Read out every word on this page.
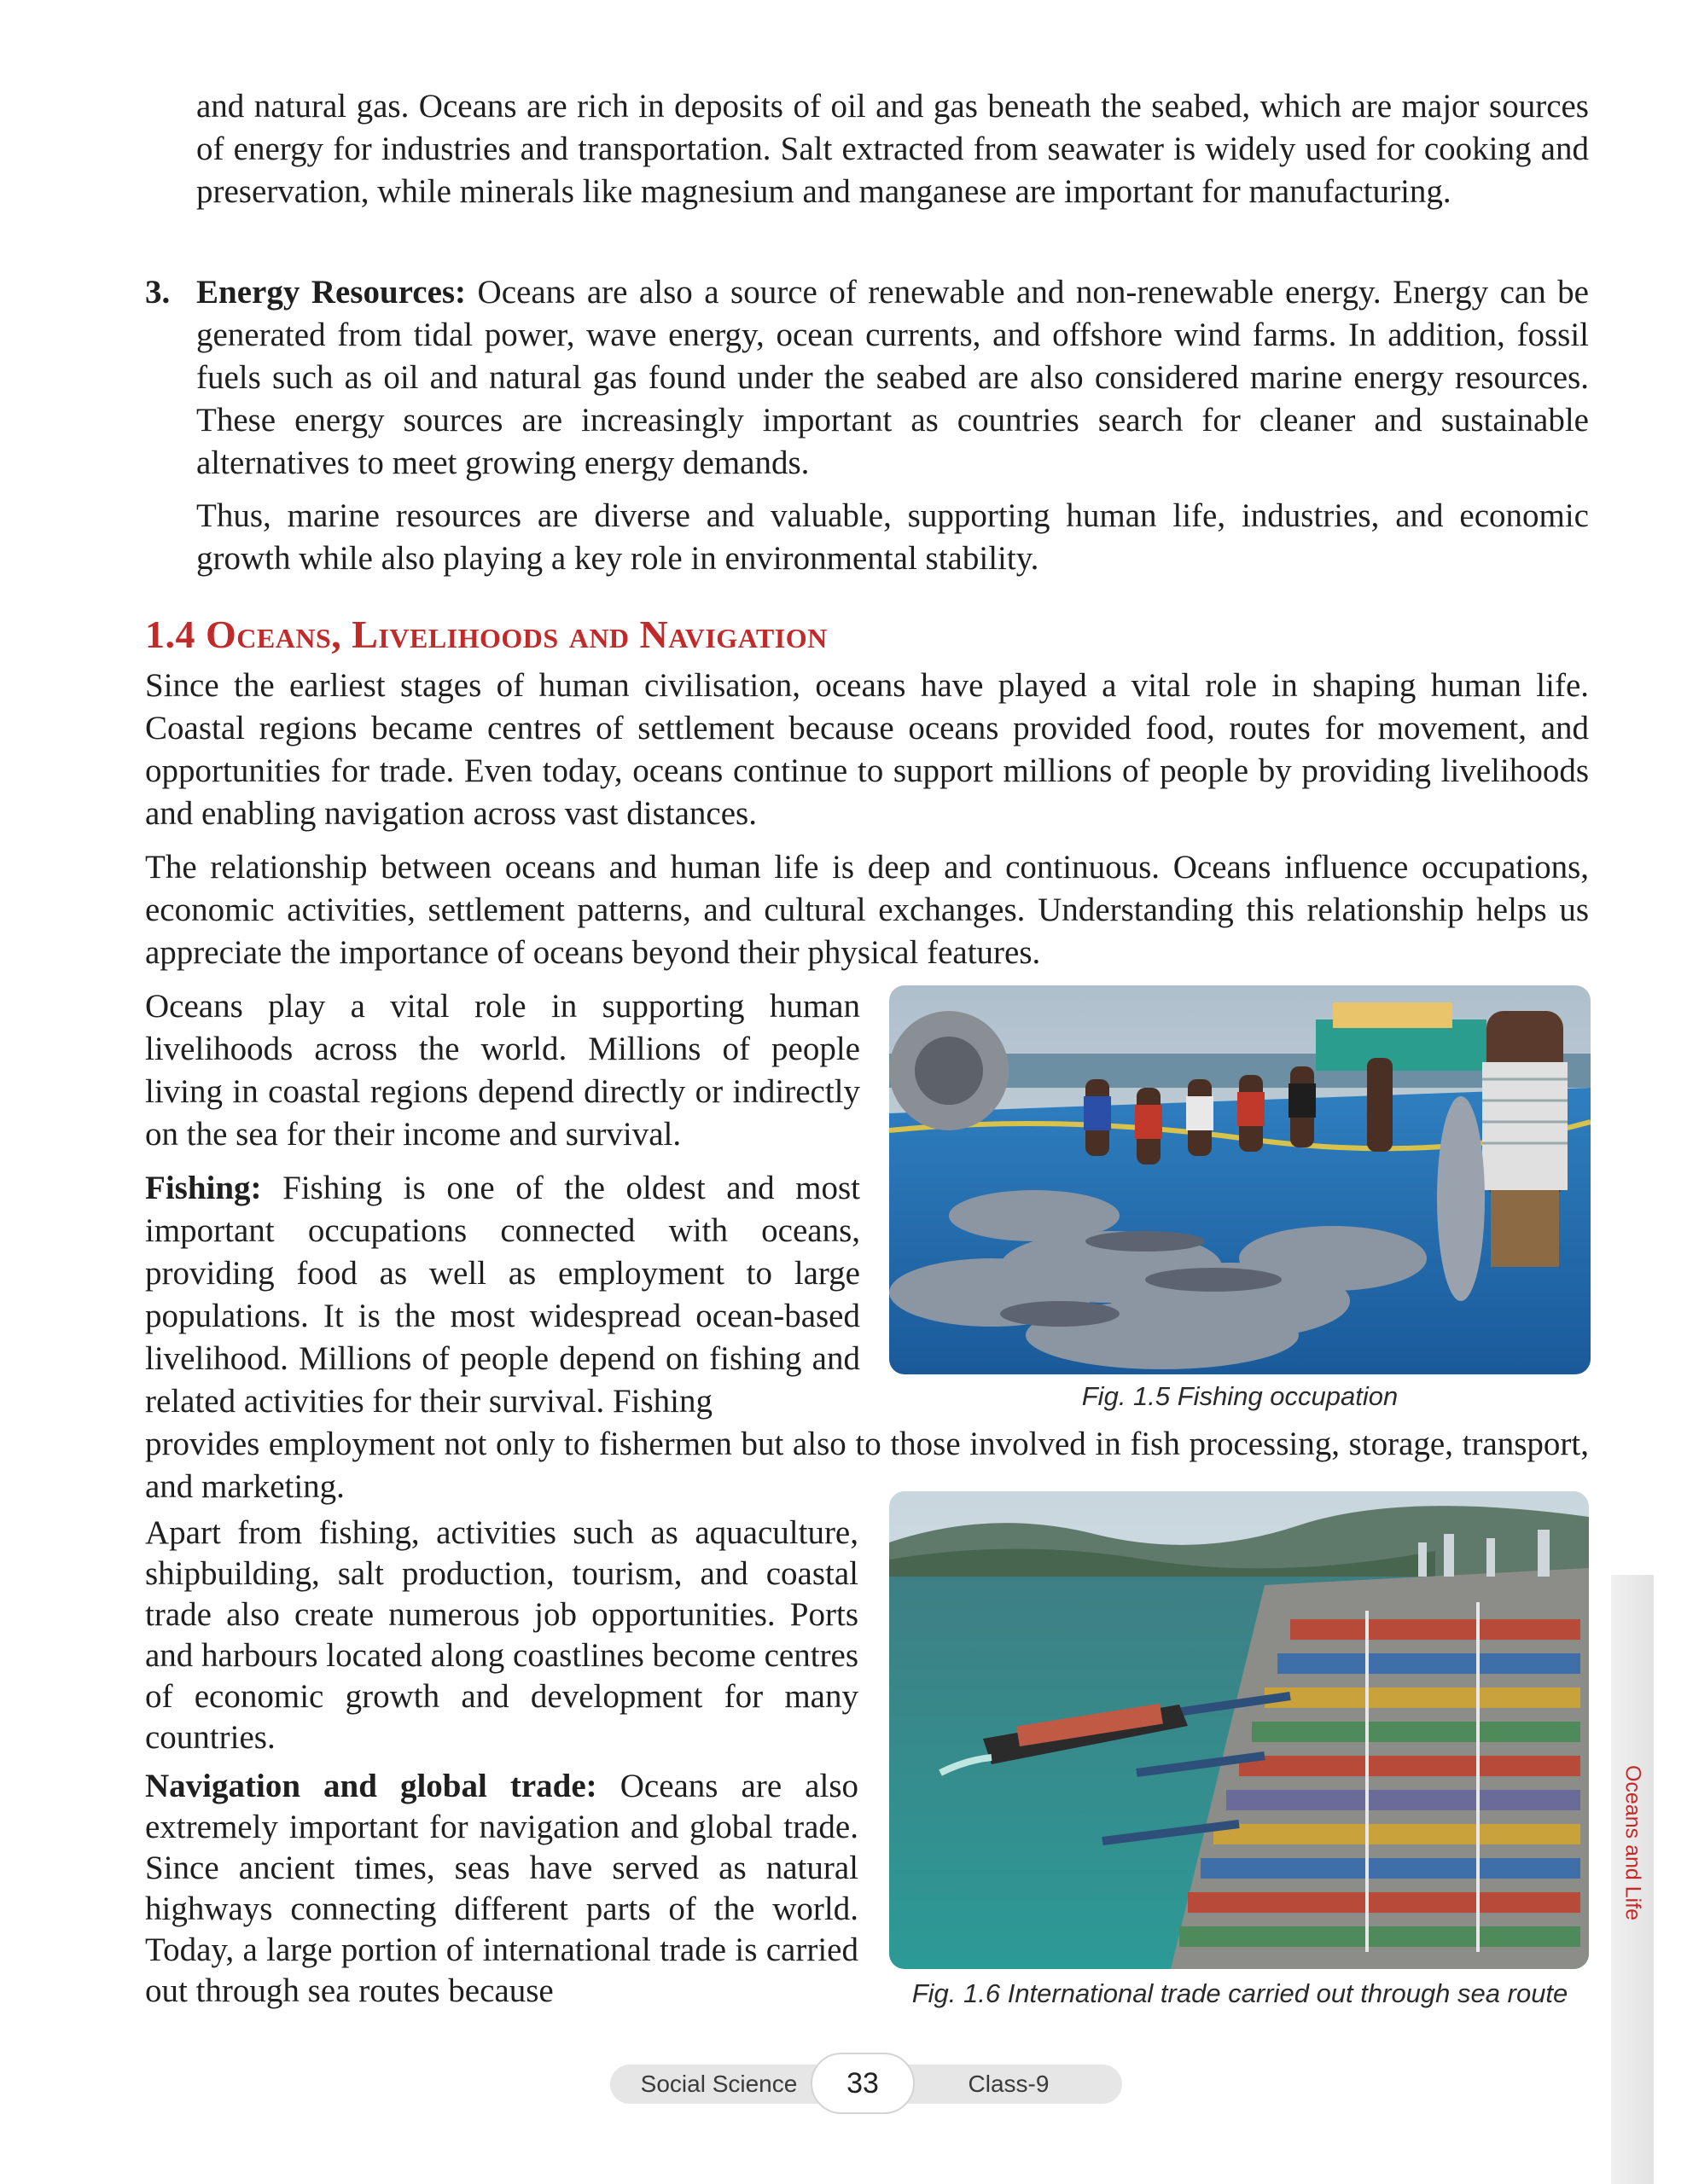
and natural gas. Oceans are rich in deposits of oil and gas beneath the seabed, which are major sources of energy for industries and transportation. Salt extracted from seawater is widely used for cooking and preservation, while minerals like magnesium and manganese are important for manufacturing.

3. Energy Resources: Oceans are also a source of renewable and non-renewable energy. Energy can be generated from tidal power, wave energy, ocean currents, and offshore wind farms. In addition, fossil fuels such as oil and natural gas found under the seabed are also considered marine energy resources. These energy sources are increasingly important as countries search for cleaner and sustainable alternatives to meet growing energy demands.

Thus, marine resources are diverse and valuable, supporting human life, industries, and economic growth while also playing a key role in environmental stability.

1.4 Oceans, Livelihoods and Navigation

Since the earliest stages of human civilisation, oceans have played a vital role in shaping human life. Coastal regions became centres of settlement because oceans provided food, routes for movement, and opportunities for trade. Even today, oceans continue to support millions of people by providing livelihoods and enabling navigation across vast distances.

The relationship between oceans and human life is deep and continuous. Oceans influence occupations, economic activities, settlement patterns, and cultural exchanges. Understanding this relationship helps us appreciate the importance of oceans beyond their physical features.

Oceans play a vital role in supporting human livelihoods across the world. Millions of people living in coastal regions depend directly or indirectly on the sea for their income and survival.

Fishing: Fishing is one of the oldest and most important occupations connected with oceans, providing food as well as employment to large populations. It is the most widespread ocean-based livelihood. Millions of people depend on fishing and related activities for their survival. Fishing

provides employment not only to fishermen but also to those involved in fish processing, storage, transport, and marketing.

Apart from fishing, activities such as aquaculture, shipbuilding, salt production, tourism, and coastal trade also create numerous job opportunities. Ports and harbours located along coastlines become centres of economic growth and development for many countries.

Navigation and global trade: Oceans are also extremely important for navigation and global trade. Since ancient times, seas have served as natural highways connecting different parts of the world. Today, a large portion of international trade is carried out through sea routes because

Fig. 1.5 Fishing occupation

Fig. 1.6 International trade carried out through sea route

Oceans and Life
Social Science	33	Class-9
